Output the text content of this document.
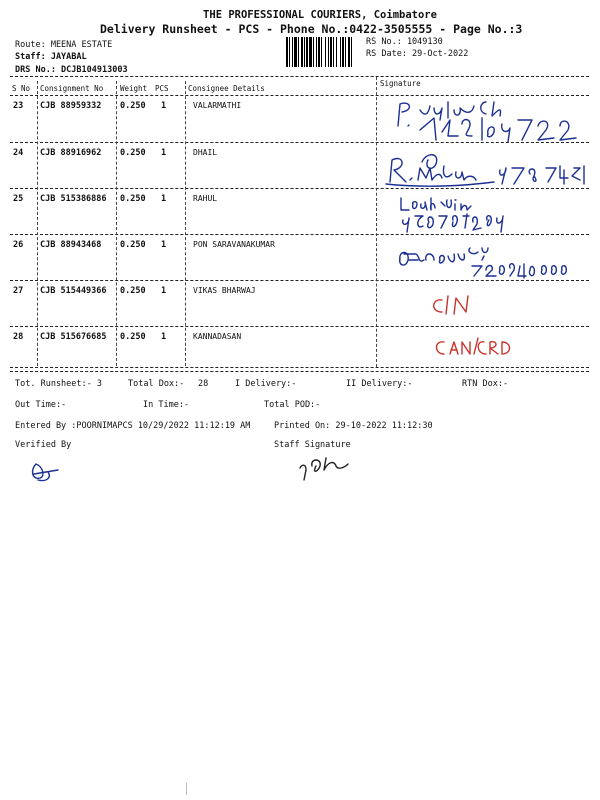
THE PROFESSIONAL COURIERS, Coimbatore
Delivery Runsheet - PCS - Phone No.:0422-3505555 - Page No.:3
Route: MEENA ESTATE
Staff: JAYABAL
DRS No.: DCJB104913003
RS No.: 1049130
RS Date: 29-Oct-2022
S No Consignment No Weight PCS	Consignee Details
Signature
23 CJB 88959332 0.250 1	VALARMATHI
24 CJB 88916962 0.250 1	DHAIL
25 CJB 515386886 0.250 1	RAHUL
26 CJB 88943468 0.250 1	PON SARAVANAKUMAR
27 CJB 515449366 0.250 1	VIKAS BHARWAJ
28 CJB 515676685 0.250 1	KANNADASAN
Tot. Runsheet:- 3	Total Dox:- 28	I Delivery:-	II Delivery:-	RTN Dox:-
Out Time:-	In Time:-	Total POD:-
Entered By :POORNIMAPCS 10/29/2022 11:12:19 AM	Printed On: 29-10-2022 11:12:30
Verified By	Staff Signature
